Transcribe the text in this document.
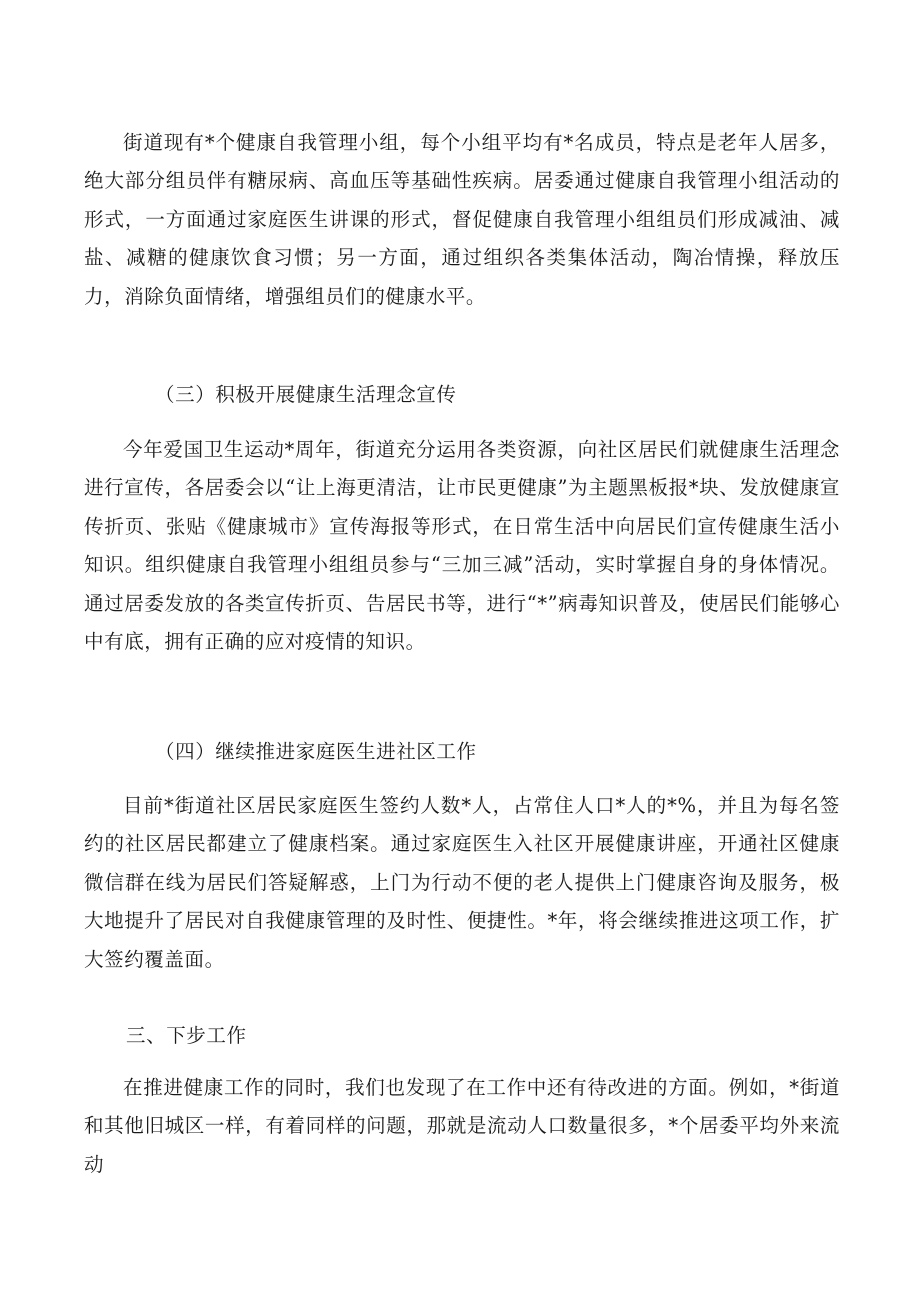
街道现有*个健康自我管理小组，每个小组平均有*名成员，特点是老年人居多，绝大部分组员伴有糖尿病、高血压等基础性疾病。居委通过健康自我管理小组活动的形式，一方面通过家庭医生讲课的形式，督促健康自我管理小组组员们形成减油、减盐、减糖的健康饮食习惯；另一方面，通过组织各类集体活动，陶冶情操，释放压力，消除负面情绪，增强组员们的健康水平。

（三）积极开展健康生活理念宣传

今年爱国卫生运动*周年，街道充分运用各类资源，向社区居民们就健康生活理念进行宣传，各居委会以“让上海更清洁，让市民更健康”为主题黑板报*块、发放健康宣传折页、张贴《健康城市》宣传海报等形式，在日常生活中向居民们宣传健康生活小知识。组织健康自我管理小组组员参与“三加三减”活动，实时掌握自身的身体情况。通过居委发放的各类宣传折页、告居民书等，进行“*”病毒知识普及，使居民们能够心中有底，拥有正确的应对疫情的知识。

（四）继续推进家庭医生进社区工作

目前*街道社区居民家庭医生签约人数*人，占常住人口*人的*%，并且为每名签约的社区居民都建立了健康档案。通过家庭医生入社区开展健康讲座，开通社区健康微信群在线为居民们答疑解惑，上门为行动不便的老人提供上门健康咨询及服务，极大地提升了居民对自我健康管理的及时性、便捷性。*年，将会继续推进这项工作，扩大签约覆盖面。

三、下步工作

在推进健康工作的同时，我们也发现了在工作中还有待改进的方面。例如，*街道和其他旧城区一样，有着同样的问题，那就是流动人口数量很多，*个居委平均外来流动
